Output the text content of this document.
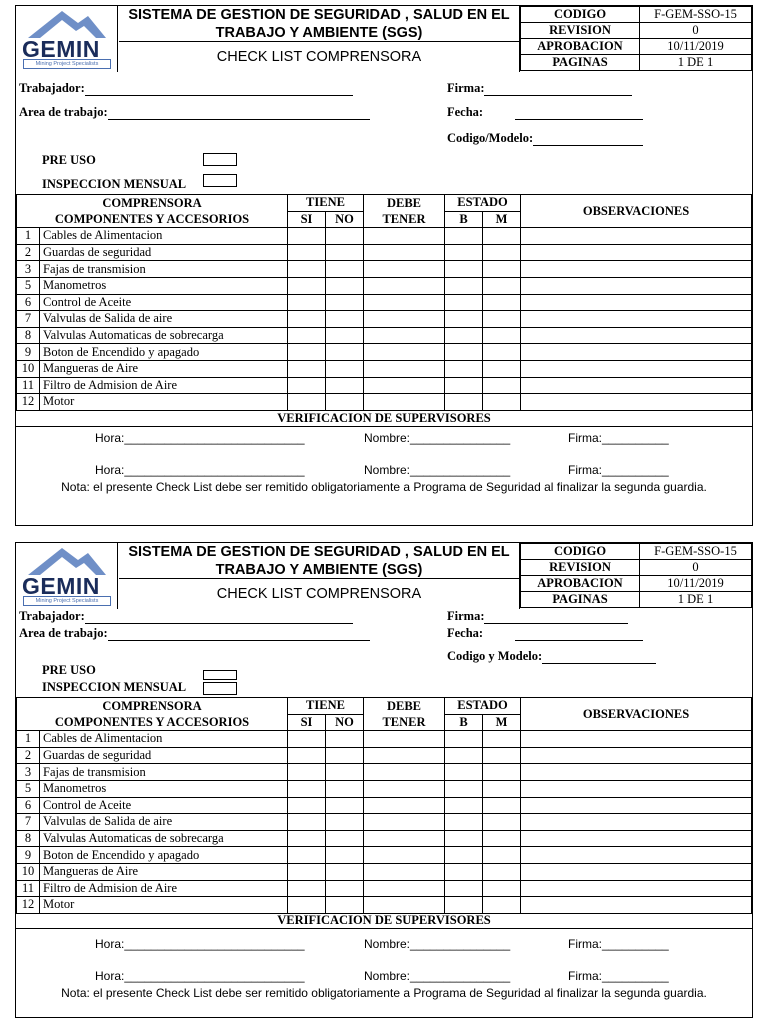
GEMIN
Mining Project Specialists
SISTEMA DE GESTION DE SEGURIDAD , SALUD EN EL TRABAJO Y AMBIENTE (SGS)
CHECK LIST COMPRENSORA
CODIGO	F-GEM-SSO-15
REVISION	0
APROBACION	10/11/2019
PAGINAS	1 DE 1
Trabajador:
Area de trabajo:
Firma:
Fecha:
Codigo/Modelo:
PRE USO
INSPECCION MENSUAL
COMPRENSORA		TIENE		DEBE	ESTADO		OBSERVACIONES
COMPONENTES Y ACCESORIOS		SI	NO	TENER	B	M	
1	Cables de Alimentacion						
2	Guardas de seguridad						
3	Fajas de transmision						
5	Manometros						
6	Control de Aceite						
7	Valvulas de Salida de aire						
8	Valvulas Automaticas de sobrecarga						
9	Boton de Encendido y apagado						
10	Mangueras de Aire						
11	Filtro de Admision de Aire						
12	Motor						
VERIFICACION DE SUPERVISORES
Hora:___________________________	Nombre:_______________	Firma:__________
Hora:___________________________	Nombre:_______________	Firma:__________
Nota: el presente Check List debe ser remitido obligatoriamente a Programa de Seguridad al finalizar la segunda guardia.
GEMIN
Mining Project Specialists
SISTEMA DE GESTION DE SEGURIDAD , SALUD EN EL TRABAJO Y AMBIENTE (SGS)
CHECK LIST COMPRENSORA
CODIGO	F-GEM-SSO-15
REVISION	0
APROBACION	10/11/2019
PAGINAS	1 DE 1
Trabajador:
Area de trabajo:
Firma:
Fecha:
Codigo y Modelo:
PRE USO
INSPECCION MENSUAL
COMPRENSORA		TIENE		DEBE	ESTADO		OBSERVACIONES
COMPONENTES Y ACCESORIOS		SI	NO	TENER	B	M	
1	Cables de Alimentacion						
2	Guardas de seguridad						
3	Fajas de transmision						
5	Manometros						
6	Control de Aceite						
7	Valvulas de Salida de aire						
8	Valvulas Automaticas de sobrecarga						
9	Boton de Encendido y apagado						
10	Mangueras de Aire						
11	Filtro de Admision de Aire						
12	Motor						
VERIFICACION DE SUPERVISORES
Hora:___________________________	Nombre:_______________	Firma:__________
Hora:___________________________	Nombre:_______________	Firma:__________
Nota: el presente Check List debe ser remitido obligatoriamente a Programa de Seguridad al finalizar la segunda guardia.
